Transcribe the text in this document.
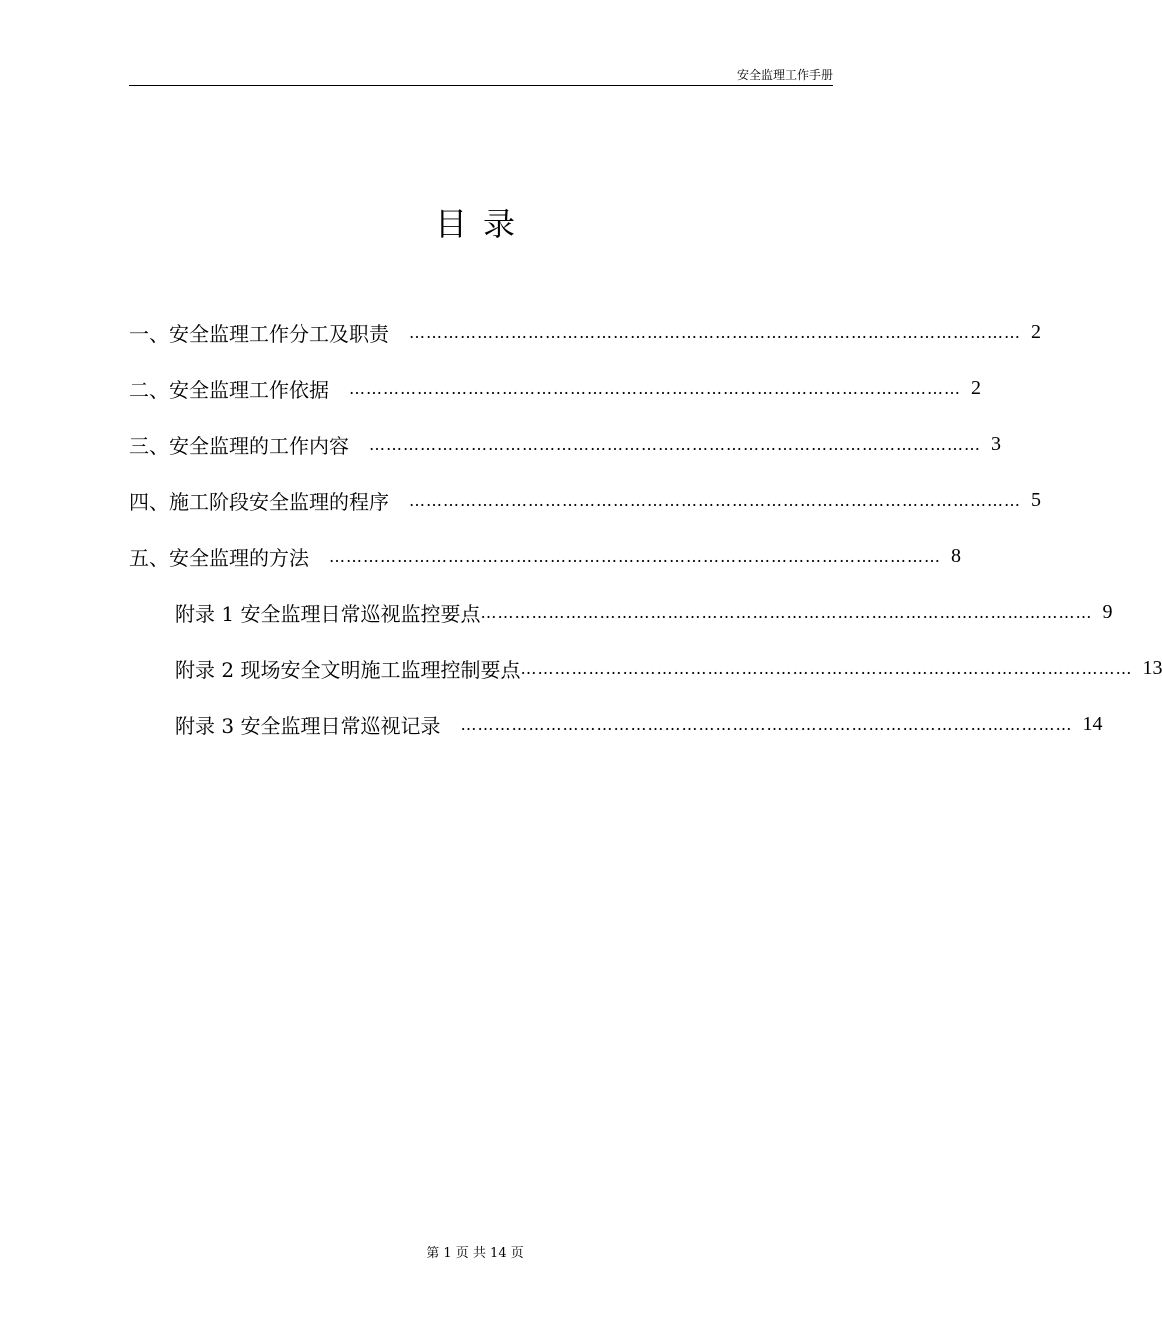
安全监理工作手册
目录
一、安全监理工作分工及职责 ……………………………………………………………………………………………… 2
二、安全监理工作依据 ……………………………………………………………………………………………… 2
三、安全监理的工作内容 ……………………………………………………………………………………………… 3
四、施工阶段安全监理的程序 ……………………………………………………………………………………………… 5
五、安全监理的方法 ……………………………………………………………………………………………… 8
附录 1 安全监理日常巡视监控要点 ……………………………………………………………………………………………… 9
附录 2 现场安全文明施工监理控制要点 ……………………………………………………………………………………………… 13
附录 3 安全监理日常巡视记录 ……………………………………………………………………………………………… 14
第 1 页 共 14 页
